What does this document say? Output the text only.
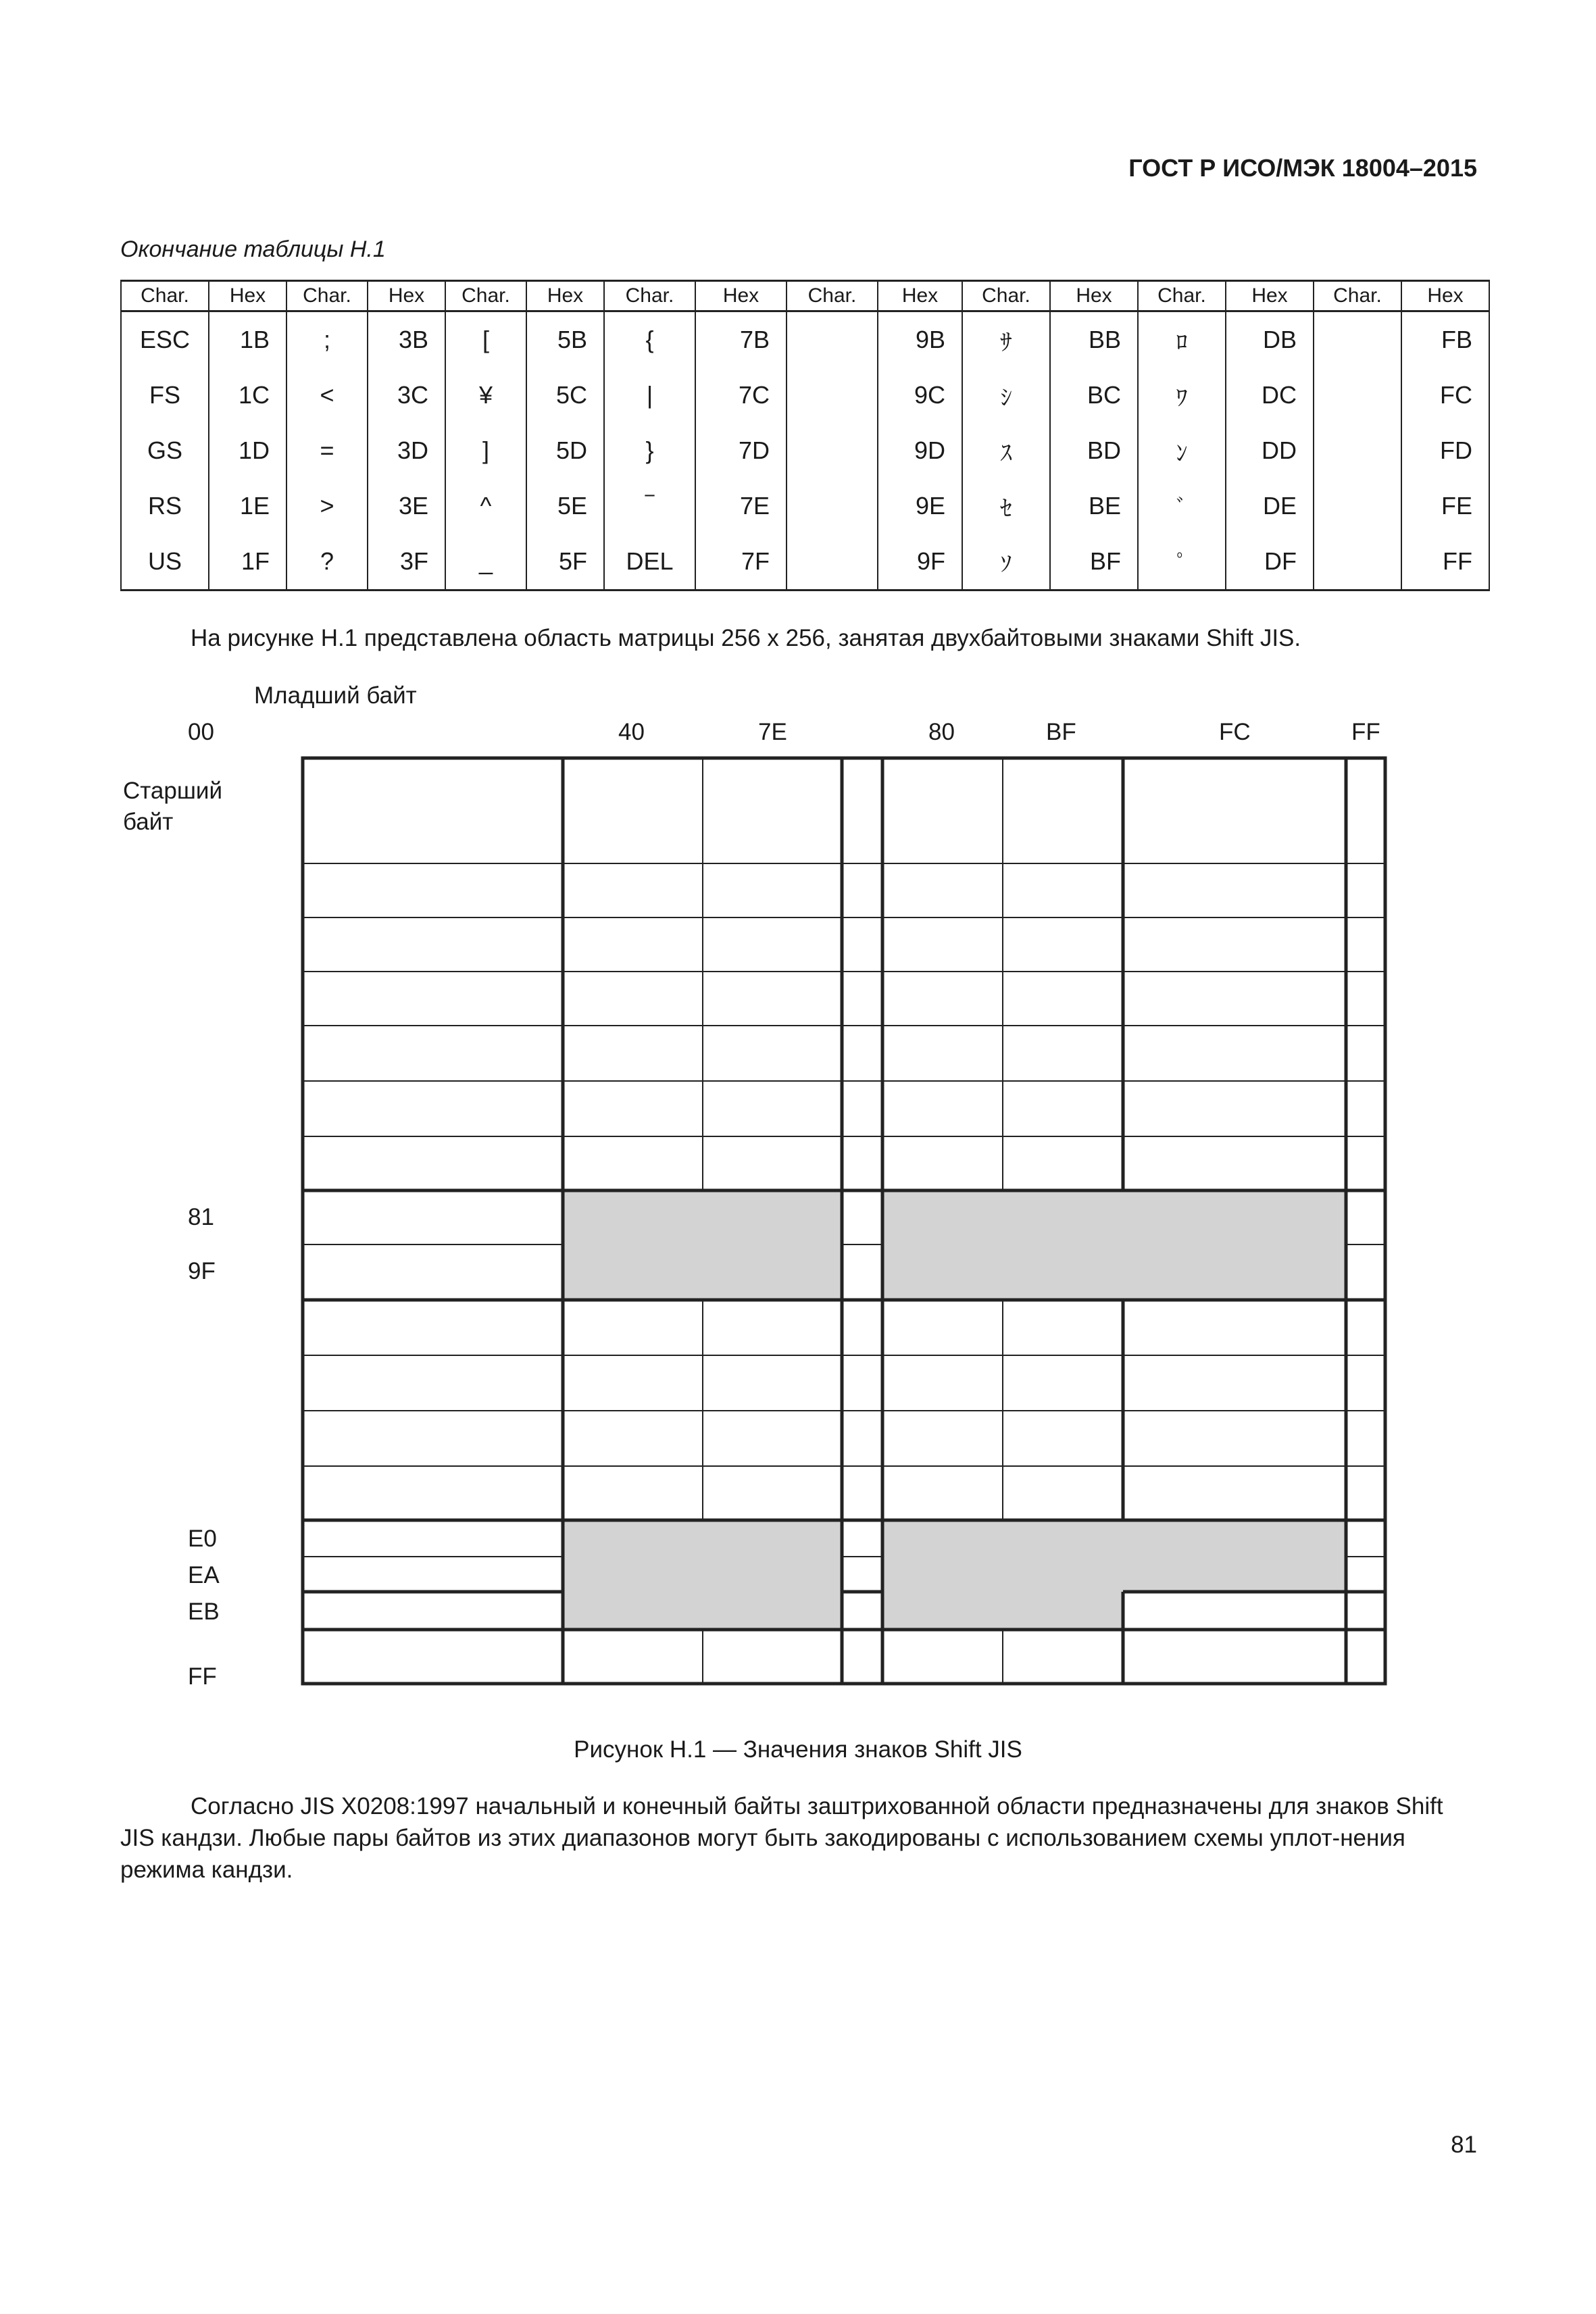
ГОСТ Р ИСО/МЭК 18004–2015
Окончание таблицы Н.1
Char.	Hex	Char.	Hex	Char.	Hex	Char.	Hex	Char.	Hex	Char.	Hex	Char.	Hex	Char.	Hex
ESC	1B	;	3B	[	5B	{	7B		9B	ｻ	BB	ﾛ	DB		FB
FS	1C	<	3C	¥	5C	|	7C		9C	ｼ	BC	ﾜ	DC		FC
GS	1D	=	3D	]	5D	}	7D		9D	ｽ	BD	ﾝ	DD		FD
RS	1E	>	3E	^	5E	‾	7E		9E	ｾ	BE	ﾞ	DE		FE
US	1F	?	3F	_	5F	DEL	7F		9F	ｿ	BF	ﾟ	DF		FF
На рисунке Н.1 представлена область матрицы 256 х 256, занятая двухбайтовыми знаками Shift JIS.
Младший байт
Старший
байт
00	40	7E	80	BF	FC	FF
81
9F
E0
EA
EB
FF
Рисунок Н.1 — Значения знаков Shift JIS
Согласно JIS X0208:1997 начальный и конечный байты заштрихованной области предназначены для знаков Shift JIS кандзи. Любые пары байтов из этих диапазонов могут быть закодированы с использованием схемы уплот-нения режима кандзи.
81
